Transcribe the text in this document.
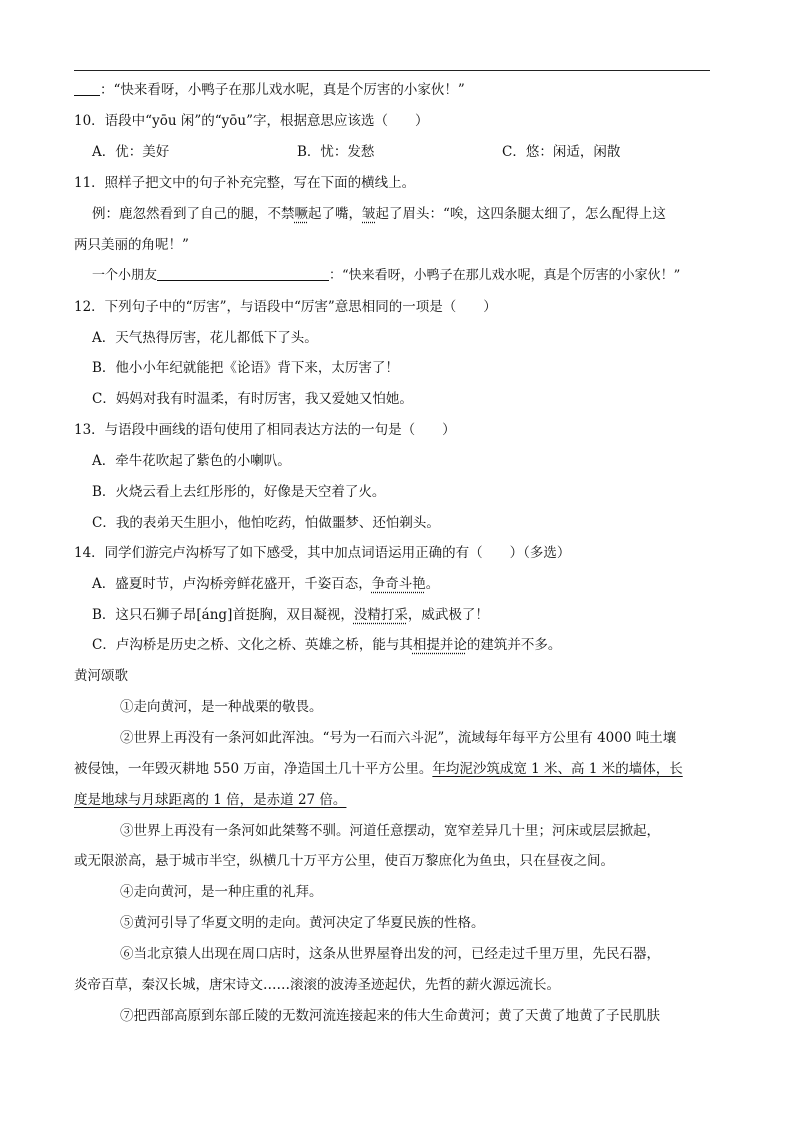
：“快来看呀，小鸭子在那儿戏水呢，真是个厉害的小家伙！”
10．语段中“yōu 闲”的“yōu”字，根据意思应该选（　　）
A．优：美好	B．忧：发愁	C．悠：闲适，闲散
11．照样子把文中的句子补充完整，写在下面的横线上。
例：鹿忽然看到了自己的腿，不禁噘起了嘴，皱起了眉头：“唉，这四条腿太细了，怎么配得上这
两只美丽的角呢！”
一个小朋友	：“快来看呀，小鸭子在那儿戏水呢，真是个厉害的小家伙！”
12．下列句子中的“厉害”，与语段中“厉害”意思相同的一项是（　　）
A．天气热得厉害，花儿都低下了头。
B．他小小年纪就能把《论语》背下来，太厉害了！
C．妈妈对我有时温柔，有时厉害，我又爱她又怕她。
13．与语段中画线的语句使用了相同表达方法的一句是（　　）
A．牵牛花吹起了紫色的小喇叭。
B．火烧云看上去红彤彤的，好像是天空着了火。
C．我的表弟天生胆小，他怕吃药，怕做噩梦、还怕剃头。
14．同学们游完卢沟桥写了如下感受，其中加点词语运用正确的有（　　）（多选）
A．盛夏时节，卢沟桥旁鲜花盛开，千姿百态，争奇斗艳。
B．这只石狮子昂[áng]首挺胸，双目凝视，没精打采，威武极了！
C．卢沟桥是历史之桥、文化之桥、英雄之桥，能与其相提并论的建筑并不多。
黄河颂歌
①走向黄河，是一种战栗的敬畏。
②世界上再没有一条河如此浑浊。“号为一石而六斗泥”，流域每年每平方公里有 4000 吨土壤
被侵蚀，一年毁灭耕地 550 万亩，净造国土几十平方公里。年均泥沙筑成宽 1 米、高 1 米的墙体，长
度是地球与月球距离的 1 倍，是赤道 27 倍。
③世界上再没有一条河如此桀骜不驯。河道任意摆动，宽窄差异几十里；河床或层层掀起，
或无限淤高，悬于城市半空，纵横几十万平方公里，使百万黎庶化为鱼虫，只在昼夜之间。
④走向黄河，是一种庄重的礼拜。
⑤黄河引导了华夏文明的走向。黄河决定了华夏民族的性格。
⑥当北京猿人出现在周口店时，这条从世界屋脊出发的河，已经走过千里万里，先民石器，
炎帝百草，秦汉长城，唐宋诗文……滚滚的波涛圣迹起伏，先哲的薪火源远流长。
⑦把西部高原到东部丘陵的无数河流连接起来的伟大生命黄河；黄了天黄了地黄了子民肌肤
